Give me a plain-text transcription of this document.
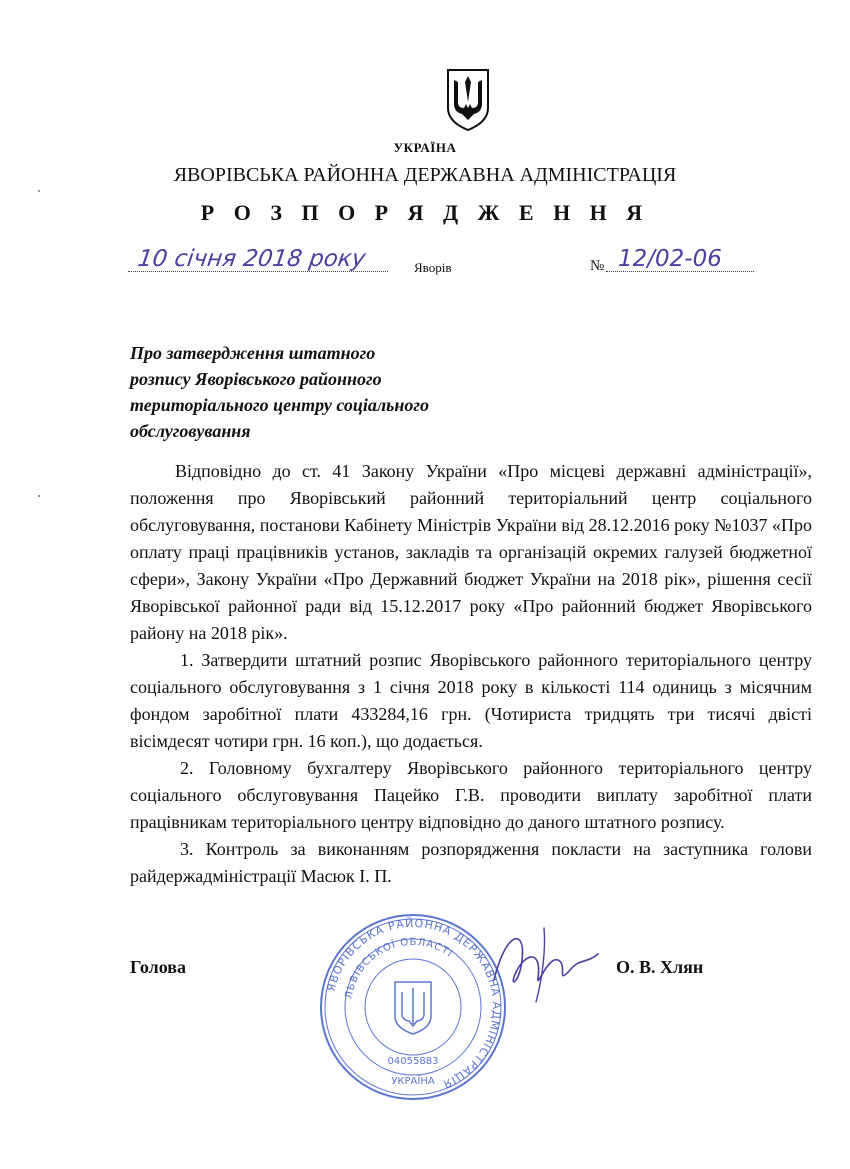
УКРАЇНА
ЯВОРІВСЬКА РАЙОННА ДЕРЖАВНА АДМІНІСТРАЦІЯ
Р О З П О Р Я Д Ж Е Н Н Я
10 січня 2018 року	Яворів	№ 12/02-06
Про затвердження штатного
розпису Яворівського районного
територіального центру соціального
обслуговування

Відповідно до ст. 41 Закону України «Про місцеві державні адміністрації», положення про Яворівський районний територіальний центр соціального обслуговування, постанови Кабінету Міністрів України від 28.12.2016 року №1037 «Про оплату праці працівників установ, закладів та організацій окремих галузей бюджетної сфери», Закону України «Про Державний бюджет України на 2018 рік», рішення сесії Яворівської районної ради від 15.12.2017 року «Про районний бюджет Яворівського району на 2018 рік».

1. Затвердити штатний розпис Яворівського районного територіального центру соціального обслуговування з 1 січня 2018 року в кількості 114 одиниць з місячним фондом заробітної плати 433284,16 грн. (Чотириста тридцять три тисячі двісті вісімдесят чотири грн. 16 коп.), що додається.

2. Головному бухгалтеру Яворівського районного територіального центру соціального обслуговування Пацейко Г.В. проводити виплату заробітної плати працівникам територіального центру відповідно до даного штатного розпису.

3. Контроль за виконанням розпорядження покласти на заступника голови райдержадміністрації Масюк І. П.

Голова	О. В. Хлян
ЯВОРІВСЬКА РАЙОННА ДЕРЖАВНА АДМІНІСТРАЦІЯ
ЛЬВІВСЬКОЇ ОБЛАСТІ
04055883
УКРАЇНА
